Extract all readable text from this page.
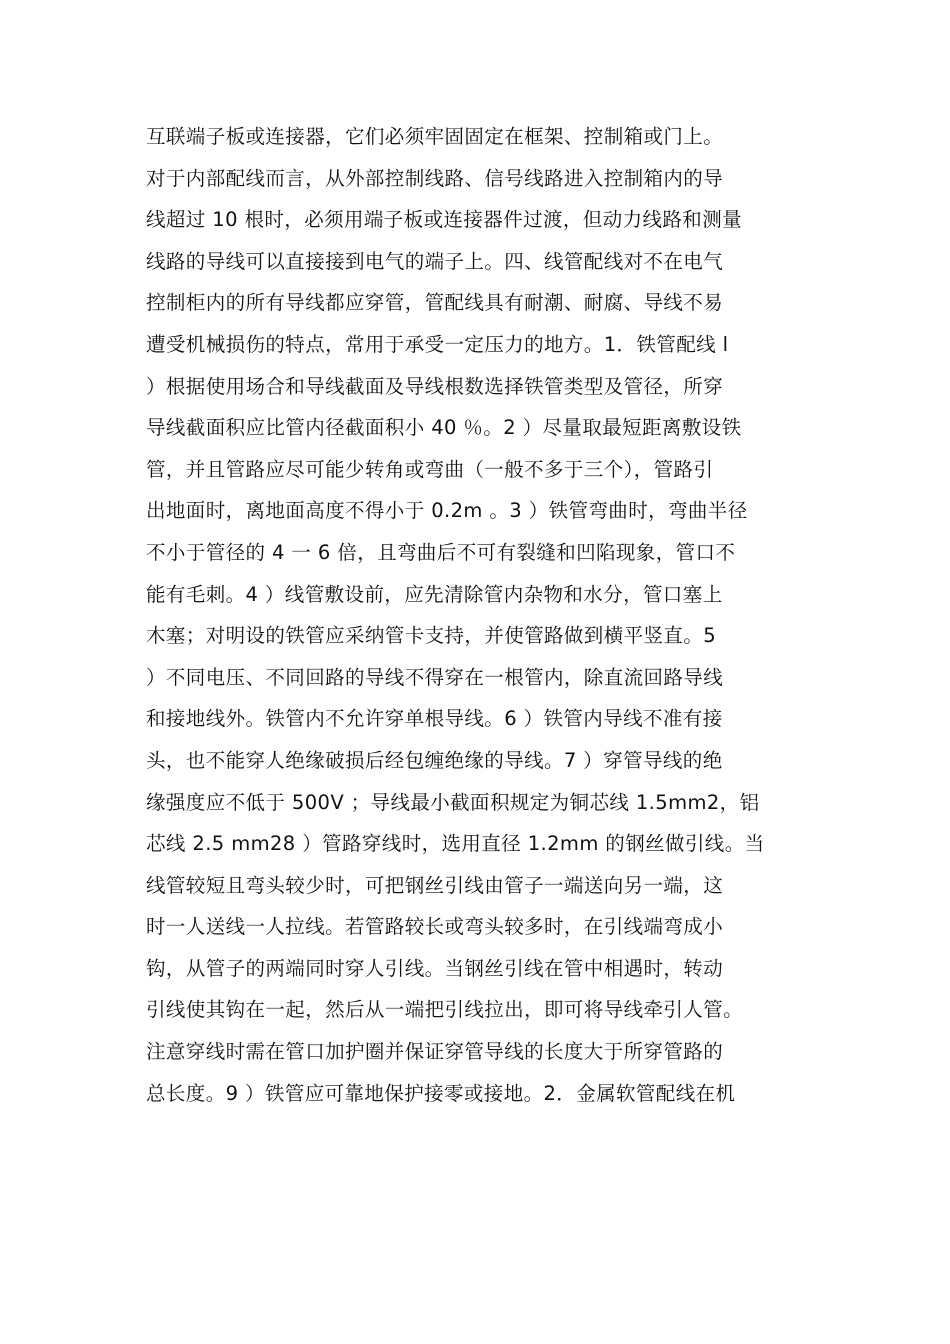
互联端子板或连接器，它们必须牢固固定在框架、控制箱或门上。
对于内部配线而言，从外部控制线路、信号线路进入控制箱内的导
线超过 10 根时，必须用端子板或连接器件过渡，但动力线路和测量
线路的导线可以直接接到电气的端子上。四、线管配线对不在电气
控制柜内的所有导线都应穿管，管配线具有耐潮、耐腐、导线不易
遭受机械损伤的特点，常用于承受一定压力的地方。1．铁管配线 l
）根据使用场合和导线截面及导线根数选择铁管类型及管径，所穿
导线截面积应比管内径截面积小 40 ％。2 ）尽量取最短距离敷设铁
管，并且管路应尽可能少转角或弯曲（一般不多于三个），管路引
出地面时，离地面高度不得小于 0.2m 。3 ）铁管弯曲时，弯曲半径
不小于管径的 4 一 6 倍，且弯曲后不可有裂缝和凹陷现象，管口不
能有毛刺。4 ）线管敷设前，应先清除管内杂物和水分，管口塞上
木塞；对明设的铁管应采纳管卡支持，并使管路做到横平竖直。5
）不同电压、不同回路的导线不得穿在一根管内，除直流回路导线
和接地线外。铁管内不允许穿单根导线。6 ）铁管内导线不准有接
头，也不能穿人绝缘破损后经包缠绝缘的导线。7 ）穿管导线的绝
缘强度应不低于 500V ；导线最小截面积规定为铜芯线 1.5mm2，铝
芯线 2.5 mm28 ）管路穿线时，选用直径 1.2mm 的钢丝做引线。当
线管较短且弯头较少时，可把钢丝引线由管子一端送向另一端，这
时一人送线一人拉线。若管路较长或弯头较多时，在引线端弯成小
钩，从管子的两端同时穿人引线。当钢丝引线在管中相遇时，转动
引线使其钩在一起，然后从一端把引线拉出，即可将导线牵引人管。
注意穿线时需在管口加护圈并保证穿管导线的长度大于所穿管路的
总长度。9 ）铁管应可靠地保护接零或接地。2．金属软管配线在机
